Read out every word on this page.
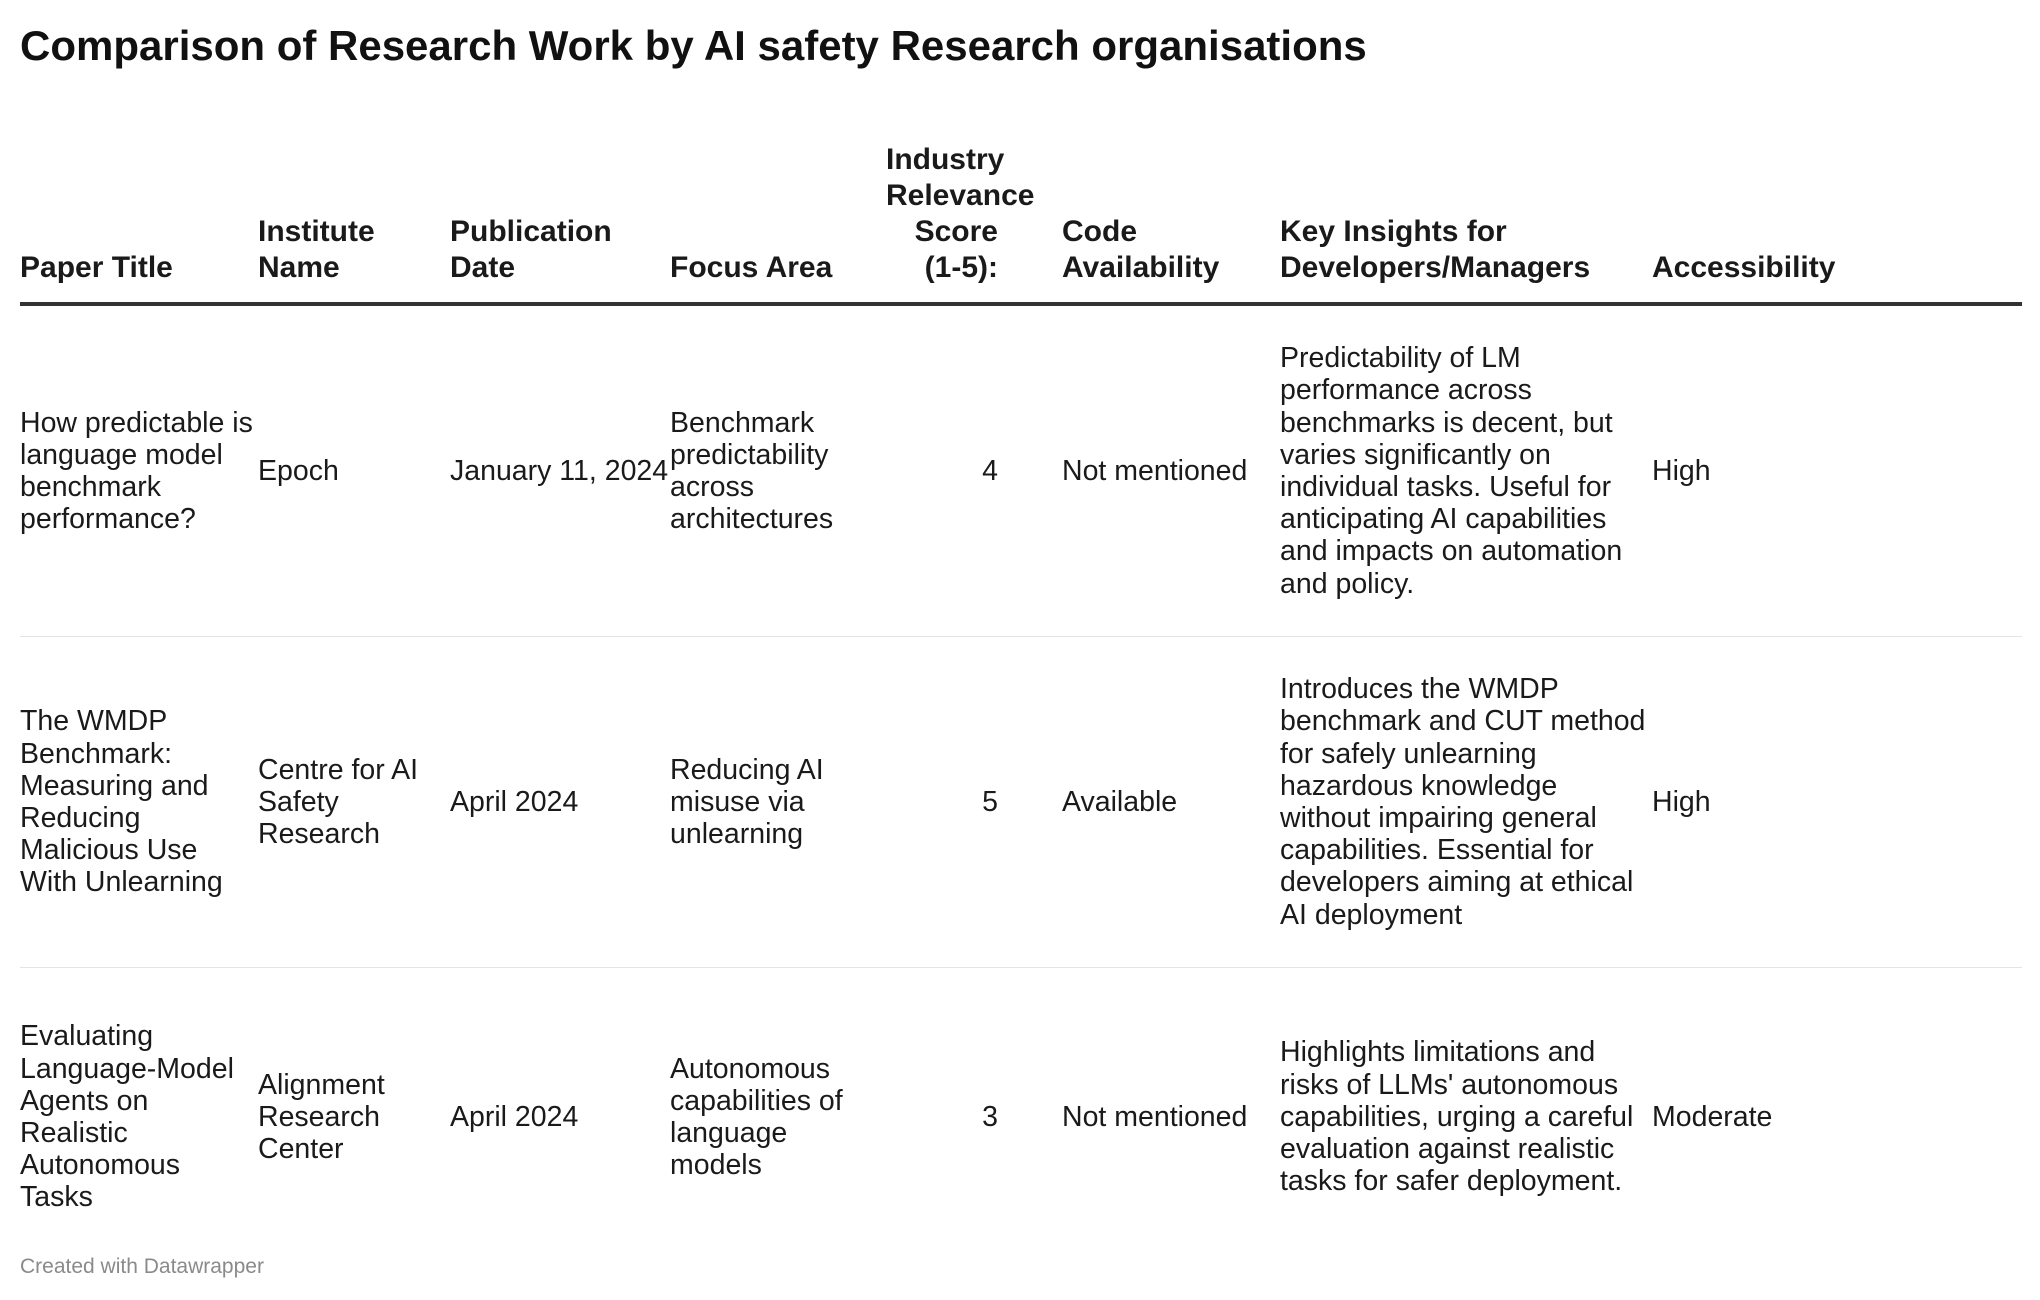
Comparison of Research Work by AI safety Research organisations
Paper Title	Institute Name	Publication Date	Focus Area	Industry Relevance Score (1-5):	Code Availability	Key Insights for Developers/Managers	Accessibility
How predictable is language model benchmark performance?	Epoch	January 11, 2024	Benchmark predictability across architectures	4	Not mentioned	Predictability of LM performance across benchmarks is decent, but varies significantly on individual tasks. Useful for anticipating AI capabilities and impacts on automation and policy.	High
The WMDP Benchmark: Measuring and Reducing Malicious Use With Unlearning	Centre for AI Safety Research	April 2024	Reducing AI misuse via unlearning	5	Available	Introduces the WMDP benchmark and CUT method for safely unlearning hazardous knowledge without impairing general capabilities. Essential for developers aiming at ethical AI deployment	High
Evaluating Language-Model Agents on Realistic Autonomous Tasks	Alignment Research Center	April 2024	Autonomous capabilities of language models	3	Not mentioned	Highlights limitations and risks of LLMs' autonomous capabilities, urging a careful evaluation against realistic tasks for safer deployment.	Moderate
Created with Datawrapper
